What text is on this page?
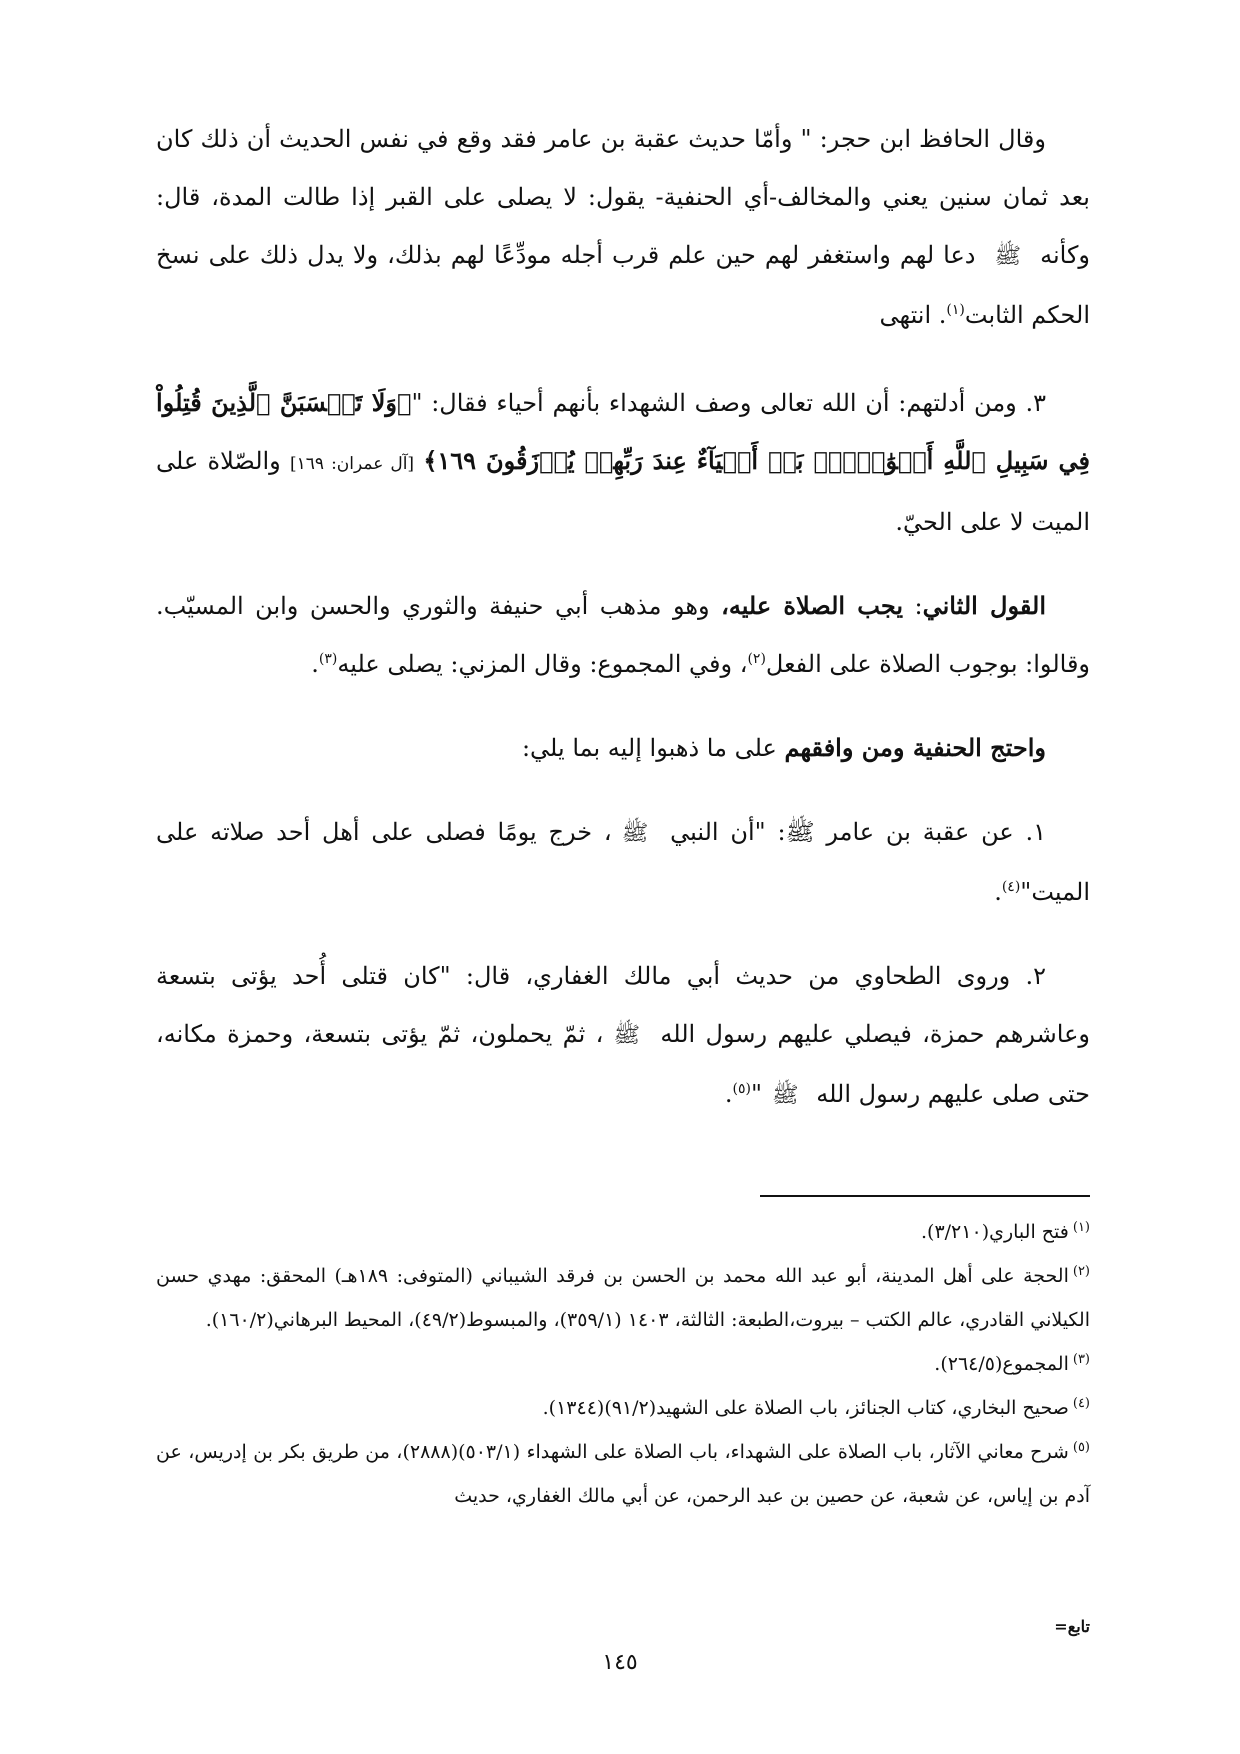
وقال الحافظ ابن حجر: " وأمّا حديث عقبة بن عامر فقد وقع في نفس الحديث أن ذلك كان بعد ثمان سنين يعني والمخالف-أي الحنفية- يقول: لا يصلى على القبر إذا طالت المدة، قال: وكأنه ﷺ دعا لهم واستغفر لهم حين علم قرب أجله مودِّعًا لهم بذلك، ولا يدل ذلك على نسخ الحكم الثابت$^{(١)}$. انتهى

٣. ومن أدلتهم: أن الله تعالى وصف الشهداء بأنهم أحياء فقال: "﴿وَلَا تَحۡسَبَنَّ ٱلَّذِينَ قُتِلُواْ فِي سَبِيلِ ٱللَّهِ أَمۡوَٰتَۢاۚ بَلۡ أَحۡيَآءٌ عِندَ رَبِّهِمۡ يُرۡزَقُونَ ١٦٩﴾ [آل عمران: ١٦٩] والصّلاة على الميت لا على الحيّ.

القول الثاني: يجب الصلاة عليه، وهو مذهب أبي حنيفة والثوري والحسن وابن المسيّب. وقالوا: بوجوب الصلاة على الفعل$^{(٢)}$، وفي المجموع: وقال المزني: يصلى عليه$^{(٣)}$.

واحتج الحنفية ومن وافقهم على ما ذهبوا إليه بما يلي:

١. عن عقبة بن عامر ﷺ: "أن النبي ﷺ، خرج يومًا فصلى على أهل أحد صلاته على الميت"$^{(٤)}$.

٢. وروى الطحاوي من حديث أبي مالك الغفاري، قال: "كان قتلى أُحد يؤتى بتسعة وعاشرهم حمزة، فيصلي عليهم رسول الله ﷺ، ثمّ يحملون، ثمّ يؤتى بتسعة، وحمزة مكانه، حتى صلى عليهم رسول الله ﷺ"$^{(٥)}$.

$^{(١)}$فتح الباري(٣/٢١٠).

$^{(٢)}$الحجة على أهل المدينة، أبو عبد الله محمد بن الحسن بن فرقد الشيباني (المتوفى: ١٨٩هـ) المحقق: مهدي حسن الكيلاني القادري، عالم الكتب – بيروت،الطبعة: الثالثة، ١٤٠٣ (٣٥٩/١)، والمبسوط(٤٩/٢)، المحيط البرهاني(١٦٠/٢).

$^{(٣)}$المجموع(٢٦٤/٥).

$^{(٤)}$صحيح البخاري، كتاب الجنائز، باب الصلاة على الشهيد(٩١/٢)(١٣٤٤).

$^{(٥)}$شرح معاني الآثار، باب الصلاة على الشهداء، باب الصلاة على الشهداء (٥٠٣/١)(٢٨٨٨)، من طريق بكر بن إدريس، عن آدم بن إياس، عن شعبة، عن حصين بن عبد الرحمن، عن أبي مالك الغفاري، حديث

تابع=
١٤٥
